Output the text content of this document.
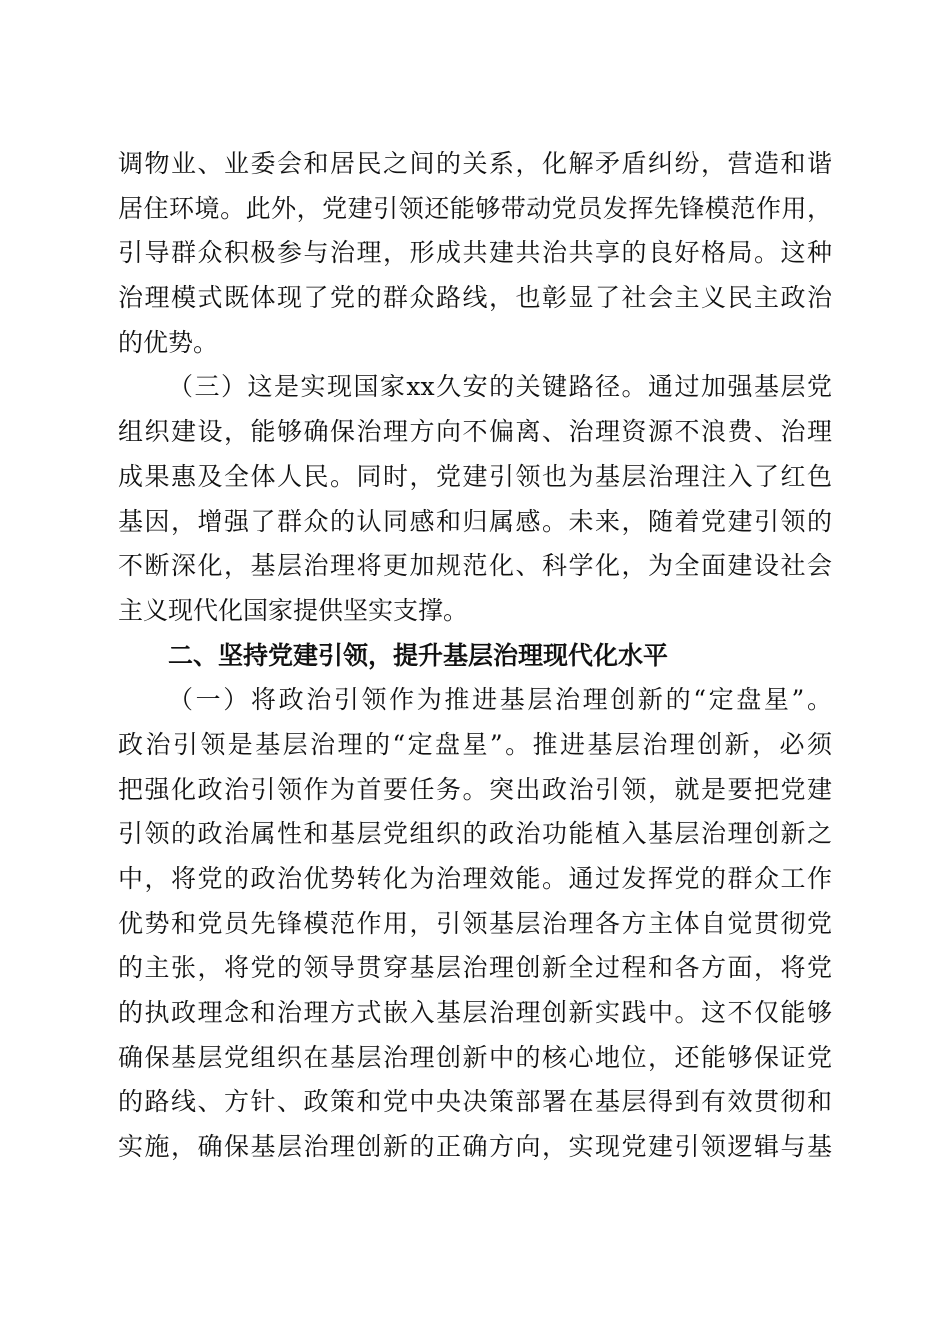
调物业、业委会和居民之间的关系，化解矛盾纠纷，营造和谐
居住环境。此外，党建引领还能够带动党员发挥先锋模范作用，
引导群众积极参与治理，形成共建共治共享的良好格局。这种
治理模式既体现了党的群众路线，也彰显了社会主义民主政治
的优势。
（三）这是实现国家xx久安的关键路径。通过加强基层党
组织建设，能够确保治理方向不偏离、治理资源不浪费、治理
成果惠及全体人民。同时，党建引领也为基层治理注入了红色
基因，增强了群众的认同感和归属感。未来，随着党建引领的
不断深化，基层治理将更加规范化、科学化，为全面建设社会
主义现代化国家提供坚实支撑。
二、坚持党建引领，提升基层治理现代化水平
（一）将政治引领作为推进基层治理创新的“定盘星”。
政治引领是基层治理的“定盘星”。推进基层治理创新，必须
把强化政治引领作为首要任务。突出政治引领，就是要把党建
引领的政治属性和基层党组织的政治功能植入基层治理创新之
中，将党的政治优势转化为治理效能。通过发挥党的群众工作
优势和党员先锋模范作用，引领基层治理各方主体自觉贯彻党
的主张，将党的领导贯穿基层治理创新全过程和各方面，将党
的执政理念和治理方式嵌入基层治理创新实践中。这不仅能够
确保基层党组织在基层治理创新中的核心地位，还能够保证党
的路线、方针、政策和党中央决策部署在基层得到有效贯彻和
实施，确保基层治理创新的正确方向，实现党建引领逻辑与基
